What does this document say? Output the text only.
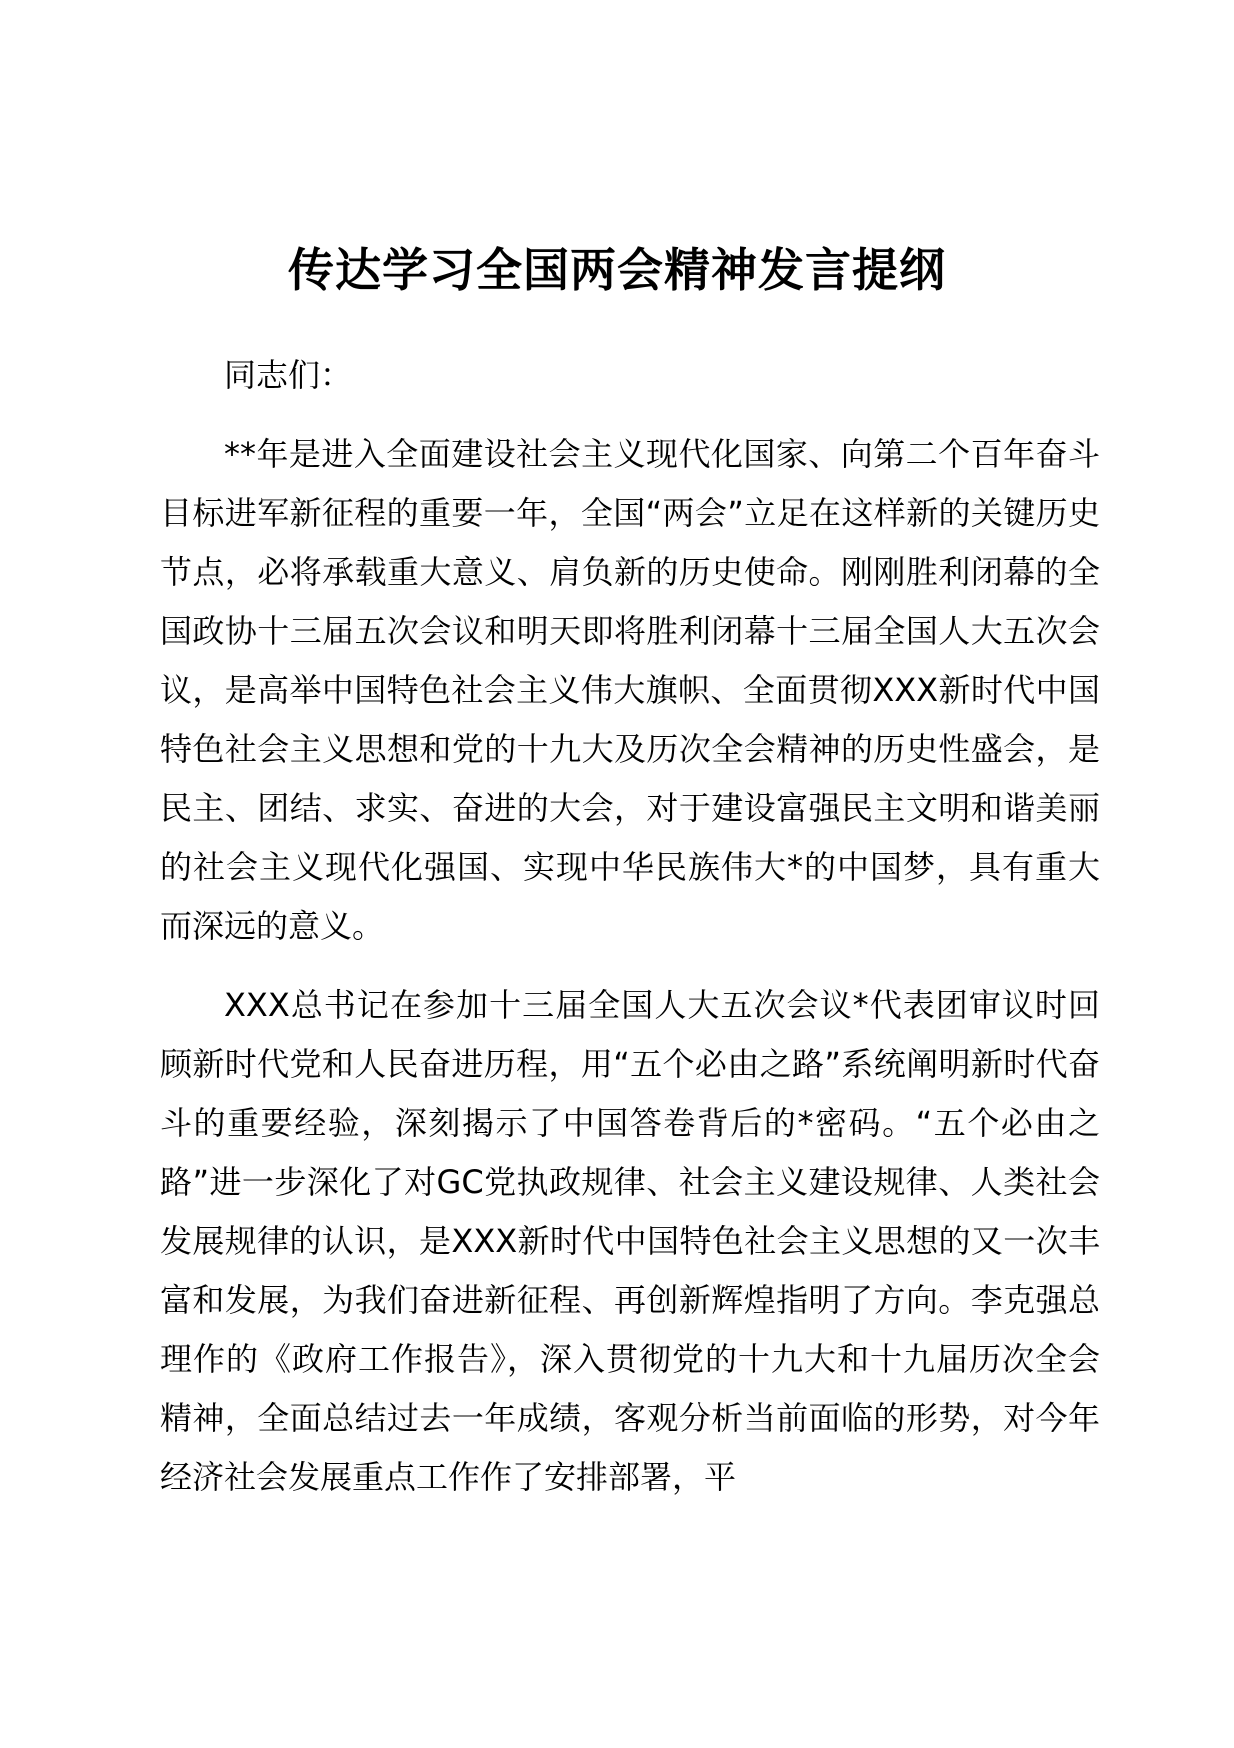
传达学习全国两会精神发言提纲

同志们：

**年是进入全面建设社会主义现代化国家、向第二个百年奋斗目标进军新征程的重要一年，全国“两会”立足在这样新的关键历史节点，必将承载重大意义、肩负新的历史使命。刚刚胜利闭幕的全国政协十三届五次会议和明天即将胜利闭幕十三届全国人大五次会议，是高举中国特色社会主义伟大旗帜、全面贯彻XXX新时代中国特色社会主义思想和党的十九大及历次全会精神的历史性盛会，是民主、团结、求实、奋进的大会，对于建设富强民主文明和谐美丽的社会主义现代化强国、实现中华民族伟大*的中国梦，具有重大而深远的意义。

XXX总书记在参加十三届全国人大五次会议*代表团审议时回顾新时代党和人民奋进历程，用“五个必由之路”系统阐明新时代奋斗的重要经验，深刻揭示了中国答卷背后的*密码。“五个必由之路”进一步深化了对GC党执政规律、社会主义建设规律、人类社会发展规律的认识，是XXX新时代中国特色社会主义思想的又一次丰富和发展，为我们奋进新征程、再创新辉煌指明了方向。李克强总理作的《政府工作报告》，深入贯彻党的十九大和十九届历次全会精神，全面总结过去一年成绩，客观分析当前面临的形势，对今年经济社会发展重点工作作了安排部署，平
